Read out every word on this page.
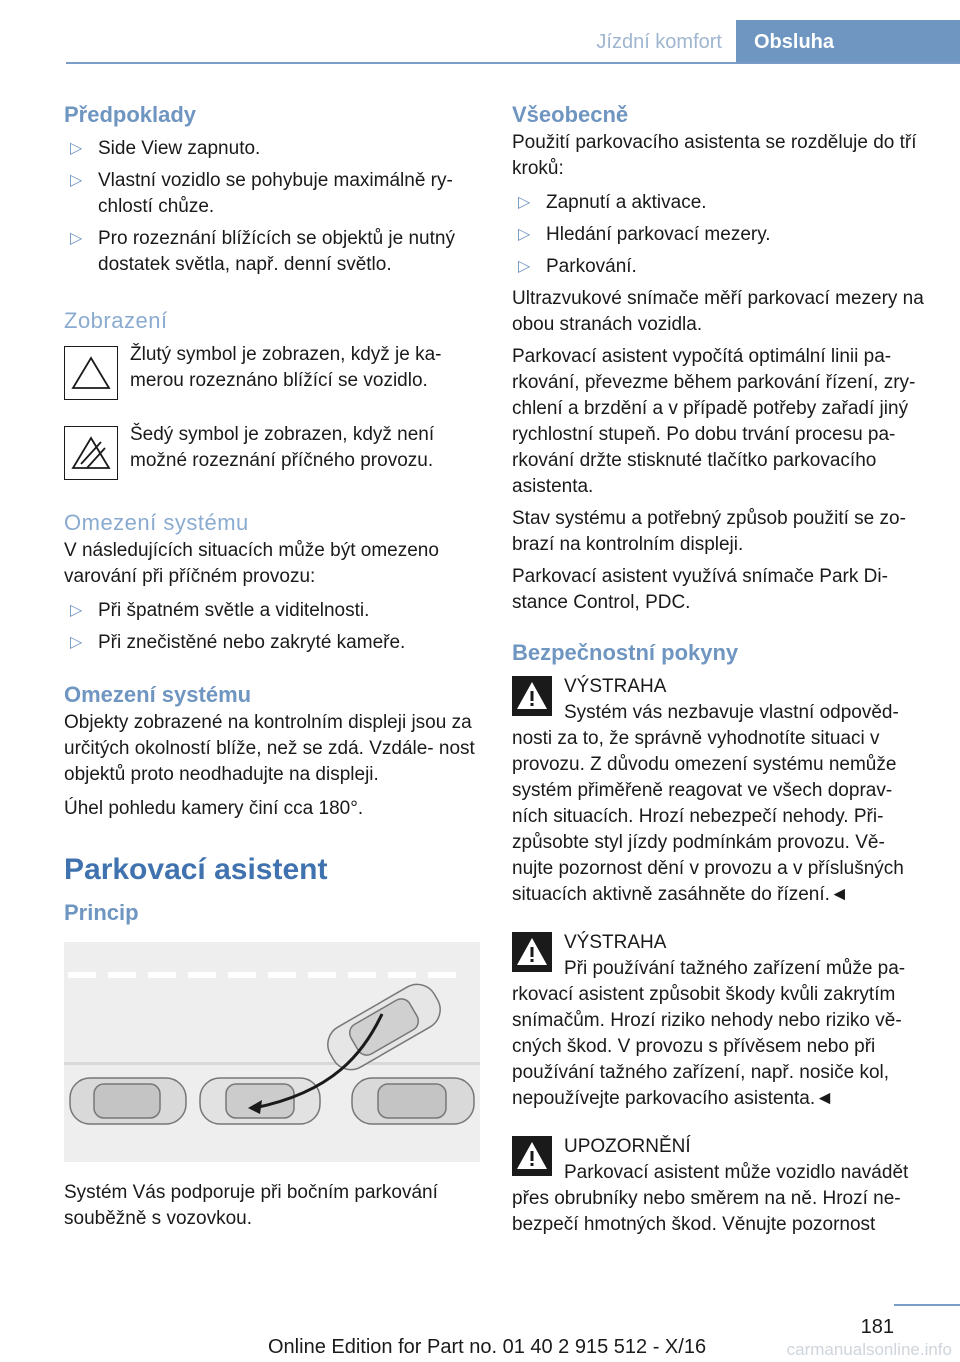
Jízdní komfort	Obsluha
Předpoklady
▷ Side View zapnuto.
▷ Vlastní vozidlo se pohybuje maximálně ry‐ chlostí chůze.
▷ Pro rozeznání blížících se objektů je nutný dostatek světla, např. denní světlo.
Zobrazení

Žlutý symbol je zobrazen, když je ka‐ merou rozeznáno blížící se vozidlo.

Šedý symbol je zobrazen, když není možné rozeznání příčného provozu.

Omezení systému

V následujících situacích může být omezeno varování při příčném provozu:

▷ Při špatném světle a viditelnosti.
▷ Při znečistěné nebo zakryté kameře.
Omezení systému

Objekty zobrazené na kontrolním displeji jsou za určitých okolností blíže, než se zdá. Vzdále‐ nost objektů proto neodhadujte na displeji.

Úhel pohledu kamery činí cca 180°.

Parkovací asistent
Princip

Systém Vás podporuje při bočním parkování souběžně s vozovkou.

Všeobecně

Použití parkovacího asistenta se rozděluje do tří kroků:

▷ Zapnutí a aktivace.
▷ Hledání parkovací mezery.
▷ Parkování.

Ultrazvukové snímače měří parkovací mezery na obou stranách vozidla.

Parkovací asistent vypočítá optimální linii pa‐ rkování, převezme během parkování řízení, zry‐ chlení a brzdění a v případě potřeby zařadí jiný rychlostní stupeň. Po dobu trvání procesu pa‐ rkování držte stisknuté tlačítko parkovacího asistenta.

Stav systému a potřebný způsob použití se zo‐ brazí na kontrolním displeji.

Parkovací asistent využívá snímače Park Di‐ stance Control, PDC.

Bezpečnostní pokyny
VÝSTRAHA

Systém vás nezbavuje vlastní odpověd‐ nosti za to, že správně vyhodnotíte situaci v provozu. Z důvodu omezení systému nemůže systém přiměřeně reagovat ve všech doprav‐ ních situacích. Hrozí nebezpečí nehody. Při‐ způsobte styl jízdy podmínkám provozu. Vě‐ nujte pozornost dění v provozu a v příslušných situacích aktivně zasáhněte do řízení.◄

VÝSTRAHA

Při používání tažného zařízení může pa‐ rkovací asistent způsobit škody kvůli zakrytím snímačům. Hrozí riziko nehody nebo riziko vě‐ cných škod. V provozu s přívěsem nebo při používání tažného zařízení, např. nosiče kol, nepoužívejte parkovacího asistenta.◄

UPOZORNĚNÍ

Parkovací asistent může vozidlo navádět přes obrubníky nebo směrem na ně. Hrozí ne‐ bezpečí hmotných škod. Věnujte pozornost

181
Online Edition for Part no. 01 40 2 915 512 - X/16	carmanualsonline.info
